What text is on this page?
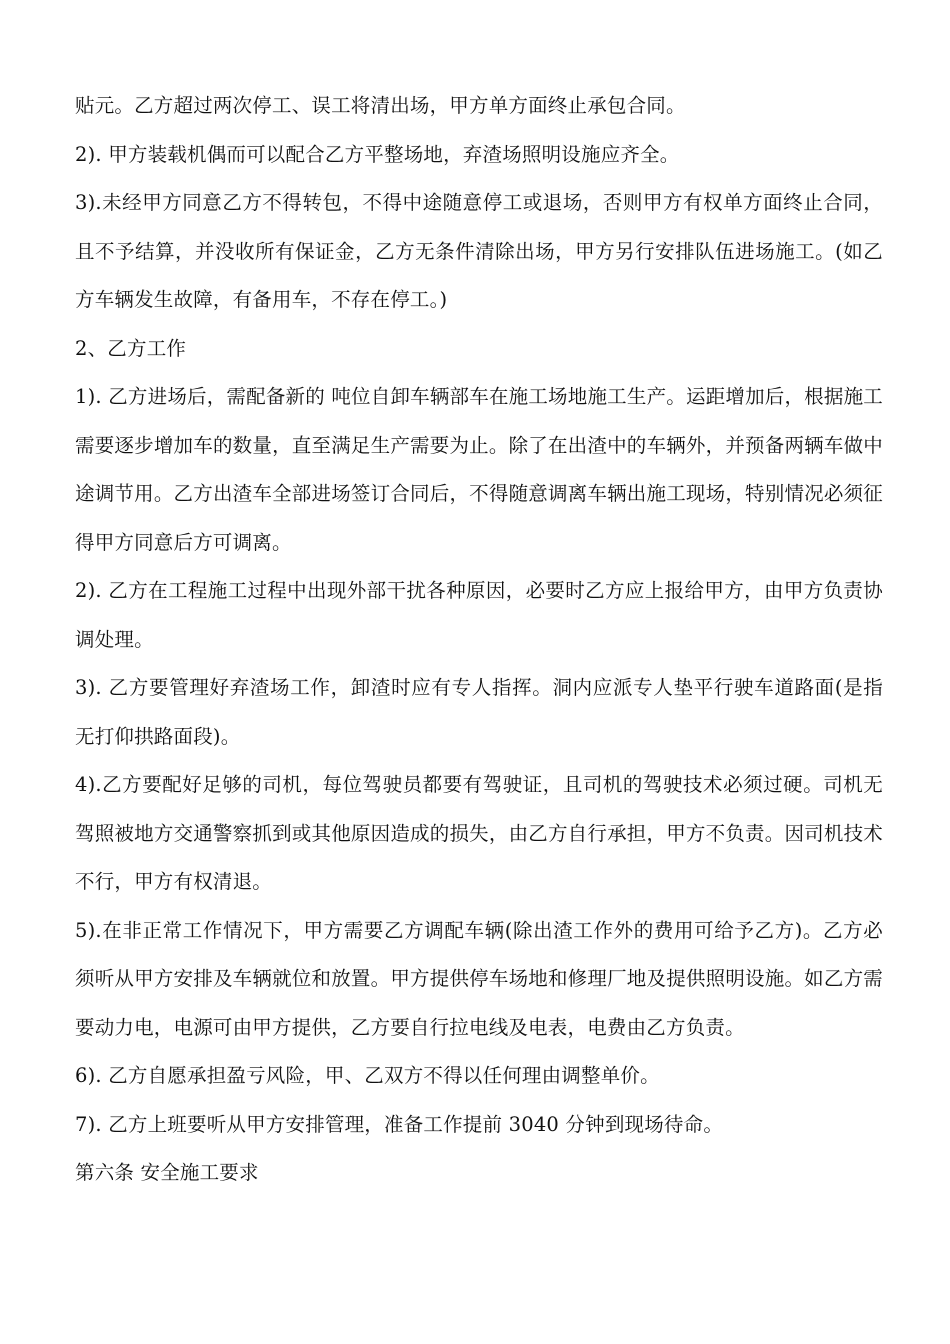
贴元。乙方超过两次停工、误工将清出场，甲方单方面终止承包合同。

2). 甲方装载机偶而可以配合乙方平整场地，弃渣场照明设施应齐全。

3).未经甲方同意乙方不得转包，不得中途随意停工或退场，否则甲方有权单方面终止合同，且不予结算，并没收所有保证金，乙方无条件清除出场，甲方另行安排队伍进场施工。(如乙方车辆发生故障，有备用车，不存在停工。)

2、乙方工作

1). 乙方进场后，需配备新的 吨位自卸车辆部车在施工场地施工生产。运距增加后，根据施工需要逐步增加车的数量，直至满足生产需要为止。除了在出渣中的车辆外，并预备两辆车做中途调节用。乙方出渣车全部进场签订合同后，不得随意调离车辆出施工现场，特别情况必须征得甲方同意后方可调离。

2). 乙方在工程施工过程中出现外部干扰各种原因，必要时乙方应上报给甲方，由甲方负责协调处理。

3). 乙方要管理好弃渣场工作，卸渣时应有专人指挥。洞内应派专人垫平行驶车道路面(是指无打仰拱路面段)。

4).乙方要配好足够的司机，每位驾驶员都要有驾驶证，且司机的驾驶技术必须过硬。司机无驾照被地方交通警察抓到或其他原因造成的损失，由乙方自行承担，甲方不负责。因司机技术不行，甲方有权清退。

5).在非正常工作情况下，甲方需要乙方调配车辆(除出渣工作外的费用可给予乙方)。乙方必须听从甲方安排及车辆就位和放置。甲方提供停车场地和修理厂地及提供照明设施。如乙方需要动力电，电源可由甲方提供，乙方要自行拉电线及电表，电费由乙方负责。

6). 乙方自愿承担盈亏风险，甲、乙双方不得以任何理由调整单价。

7). 乙方上班要听从甲方安排管理，准备工作提前 3040 分钟到现场待命。

第六条 安全施工要求
